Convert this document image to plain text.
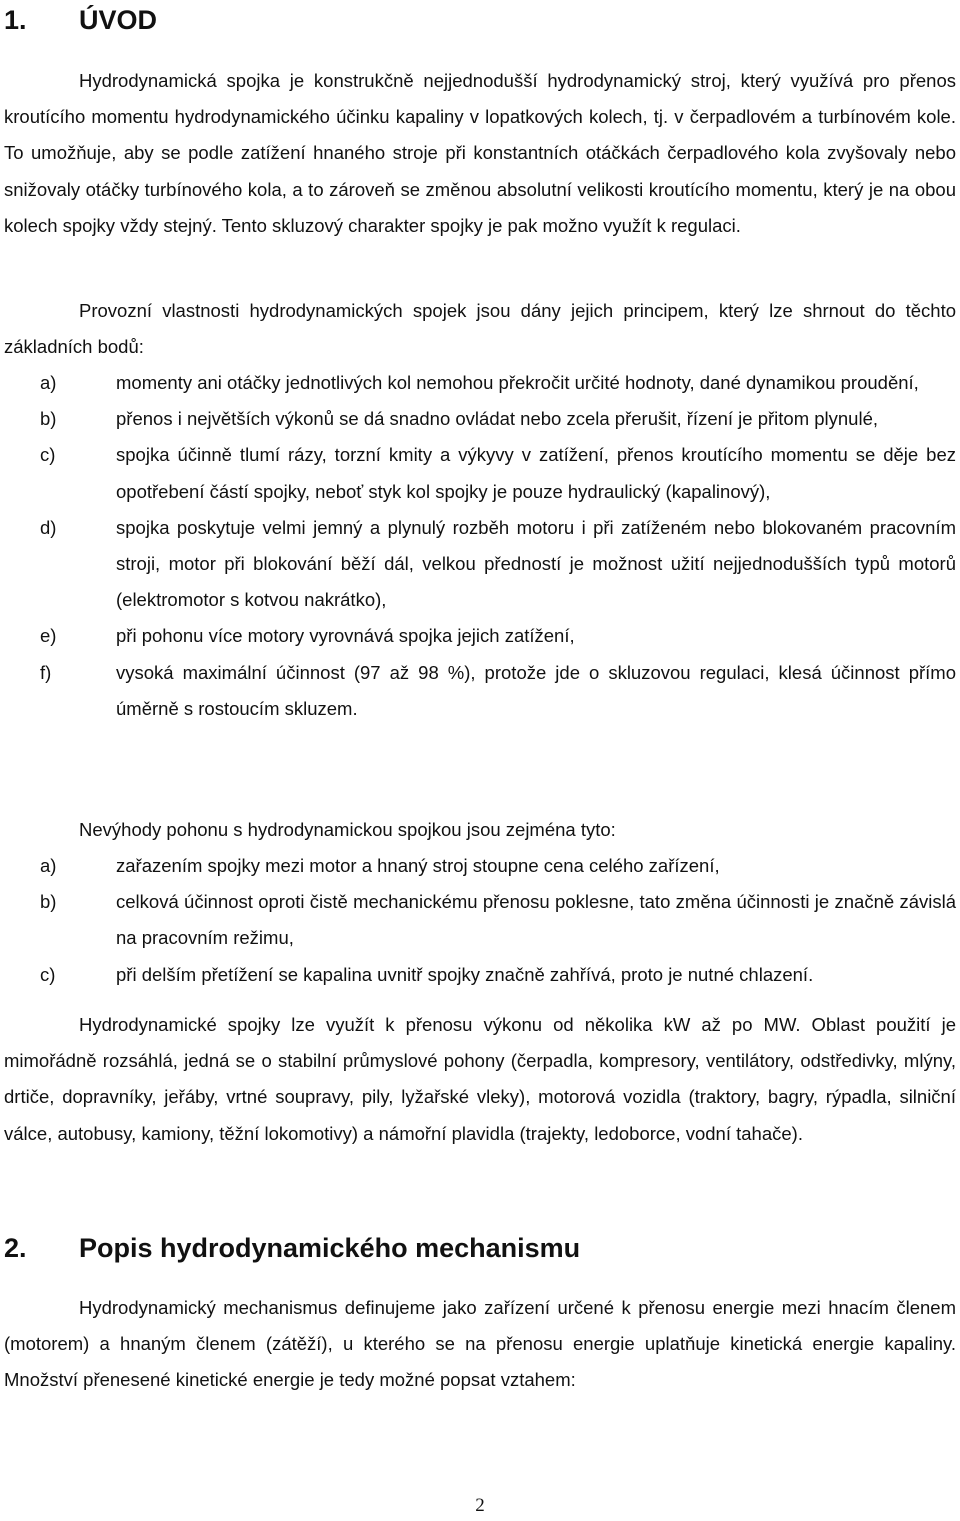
1. ÚVOD

Hydrodynamická spojka je konstrukčně nejjednodušší hydrodynamický stroj, který využívá pro přenos kroutícího momentu hydrodynamického účinku kapaliny v lopatkových kolech, tj. v čerpadlovém a turbínovém kole. To umožňuje, aby se podle zatížení hnaného stroje při konstantních otáčkách čerpadlového kola zvyšovaly nebo snižovaly otáčky turbínového kola, a to zároveň se změnou absolutní velikosti kroutícího momentu, který je na obou kolech spojky vždy stejný. Tento skluzový charakter spojky je pak možno využít k regulaci.

Provozní vlastnosti hydrodynamických spojek jsou dány jejich principem, který lze shrnout do těchto základních bodů:

a)	momenty ani otáčky jednotlivých kol nemohou překročit určité hodnoty, dané dynamikou proudění,
b)	přenos i největších výkonů se dá snadno ovládat nebo zcela přerušit, řízení je přitom plynulé,
c)	spojka účinně tlumí rázy, torzní kmity a výkyvy v zatížení, přenos kroutícího momentu se děje bez opotřebení částí spojky, neboť styk kol spojky je pouze hydraulický (kapalinový),
d)	spojka poskytuje velmi jemný a plynulý rozběh motoru i při zatíženém nebo blokovaném pracovním stroji, motor při blokování běží dál, velkou předností je možnost užití nejjednodušších typů motorů (elektromotor s kotvou nakrátko),
e)	při pohonu více motory vyrovnává spojka jejich zatížení,
f)	vysoká maximální účinnost (97 až 98 %), protože jde o skluzovou regulaci, klesá účinnost přímo úměrně s rostoucím skluzem.

Nevýhody pohonu s hydrodynamickou spojkou jsou zejména tyto:

a)	zařazením spojky mezi motor a hnaný stroj stoupne cena celého zařízení,
b)	celková účinnost oproti čistě mechanickému přenosu poklesne, tato změna účinnosti je značně závislá na pracovním režimu,
c)	při delším přetížení se kapalina uvnitř spojky značně zahřívá, proto je nutné chlazení.

Hydrodynamické spojky lze využít k přenosu výkonu od několika kW až po MW. Oblast použití je mimořádně rozsáhlá, jedná se o stabilní průmyslové pohony (čerpadla, kompresory, ventilátory, odstředivky, mlýny, drtiče, dopravníky, jeřáby, vrtné soupravy, pily, lyžařské vleky), motorová vozidla (traktory, bagry, rýpadla, silniční válce, autobusy, kamiony, těžní lokomotivy) a námořní plavidla (trajekty, ledoborce, vodní tahače).

2. Popis hydrodynamického mechanismu

Hydrodynamický mechanismus definujeme jako zařízení určené k přenosu energie mezi hnacím členem (motorem) a hnaným členem (zátěží), u kterého se na přenosu energie uplatňuje kinetická energie kapaliny. Množství přenesené kinetické energie je tedy možné popsat vztahem:

2
